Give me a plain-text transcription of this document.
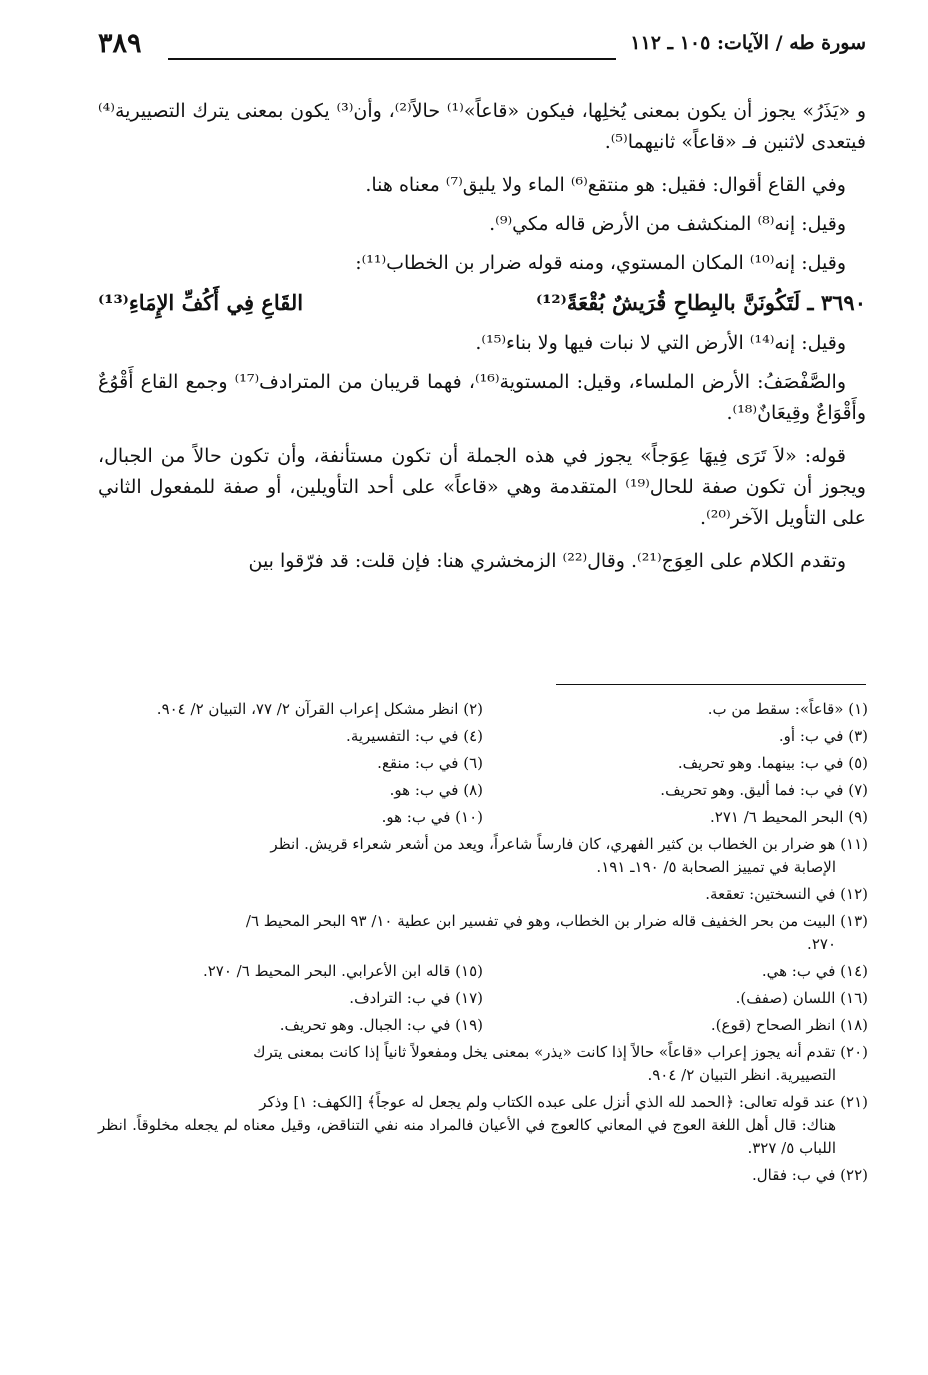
سورة طه / الآيات: ١٠٥ ـ ١١٢
٣٨٩

و «يَذَرُ» يجوز أن يكون بمعنى يُخلِها، فيكون «قاعاً»⁽¹⁾ حالاً⁽²⁾، وأن⁽³⁾ يكون بمعنى يترك التصييرية⁽⁴⁾ فيتعدى لاثنين فـ «قاعاً» ثانيهما⁽⁵⁾.

وفي القاع أقوال: فقيل: هو منتقع⁽⁶⁾ الماء ولا يليق⁽⁷⁾ معناه هنا.

وقيل: إنه⁽⁸⁾ المنكشف من الأرض قاله مكي⁽⁹⁾.

وقيل: إنه⁽¹⁰⁾ المكان المستوي، ومنه قوله ضرار بن الخطاب⁽¹¹⁾:

٣٦٩٠ ـ لَتَكُونَنَّ بالبِطاحِ قُرَيشٌ بُقْعَةً⁽¹²⁾
القَاعِ فِي أَكُفِّ الإِمَاءِ⁽¹³⁾

وقيل: إنه⁽¹⁴⁾ الأرض التي لا نبات فيها ولا بناء⁽¹⁵⁾.

والصَّفْصَفُ: الأرض الملساء، وقيل: المستوية⁽¹⁶⁾، فهما قريبان من المترادف⁽¹⁷⁾ وجمع القاع أَقْوُعٌ وأَقْوَاعٌ وقِيعَانٌ⁽¹⁸⁾.

قوله: «لاَ تَرَى فِيهَا عِوَجاً» يجوز في هذه الجملة أن تكون مستأنفة، وأن تكون حالاً من الجبال، ويجوز أن تكون صفة للحال⁽¹⁹⁾ المتقدمة وهي «قاعاً» على أحد التأويلين، أو صفة للمفعول الثاني على التأويل الآخر⁽²⁰⁾.

وتقدم الكلام على العِوَج⁽²¹⁾. وقال⁽²²⁾ الزمخشري هنا: فإن قلت: قد فرّقوا بين

(١) «قاعاً»: سقط من ب.
(٢) انظر مشكل إعراب القرآن ٢/ ٧٧، التبيان ٢/ ٩٠٤.
(٣) في ب: أو.
(٤) في ب: التفسيرية.
(٥) في ب: بينهما. وهو تحريف.
(٦) في ب: منقع.
(٧) في ب: فما أليق. وهو تحريف.
(٨) في ب: هو.
(٩) البحر المحيط ٦/ ٢٧١.
(١٠) في ب: هو.
(١١) هو ضرار بن الخطاب بن كثير الفهري، كان فارساً شاعراً، ويعد من أشعر شعراء قريش. انظر
الإصابة في تمييز الصحابة ٥/ ١٩٠ـ ١٩١.
(١٢) في النسختين: تعقعة.
(١٣) البيت من بحر الخفيف قاله ضرار بن الخطاب، وهو في تفسير ابن عطية ١٠/ ٩٣ البحر المحيط ٦/
٢٧٠.
(١٤) في ب: هي.
(١٥) قاله ابن الأعرابي. البحر المحيط ٦/ ٢٧٠.
(١٦) اللسان (صفف).
(١٧) في ب: الترادف.
(١٨) انظر الصحاح (قوع).
(١٩) في ب: الجبال. وهو تحريف.
(٢٠) تقدم أنه يجوز إعراب «قاعاً» حالاً إذا كانت «يذر» بمعنى يخل ومفعولاً ثانياً إذا كانت بمعنى يترك
التصييرية. انظر التبيان ٢/ ٩٠٤.
(٢١) عند قوله تعالى: ﴿الحمد لله الذي أنزل على عبده الكتاب ولم يجعل له عوجاً﴾ [الكهف: ١] وذكر
هناك: قال أهل اللغة العوج في المعاني كالعوج في الأعيان فالمراد منه نفي التناقض، وقيل معناه لم يجعله مخلوقاً. انظر اللباب ٥/ ٣٢٧.
(٢٢) في ب: فقال.
